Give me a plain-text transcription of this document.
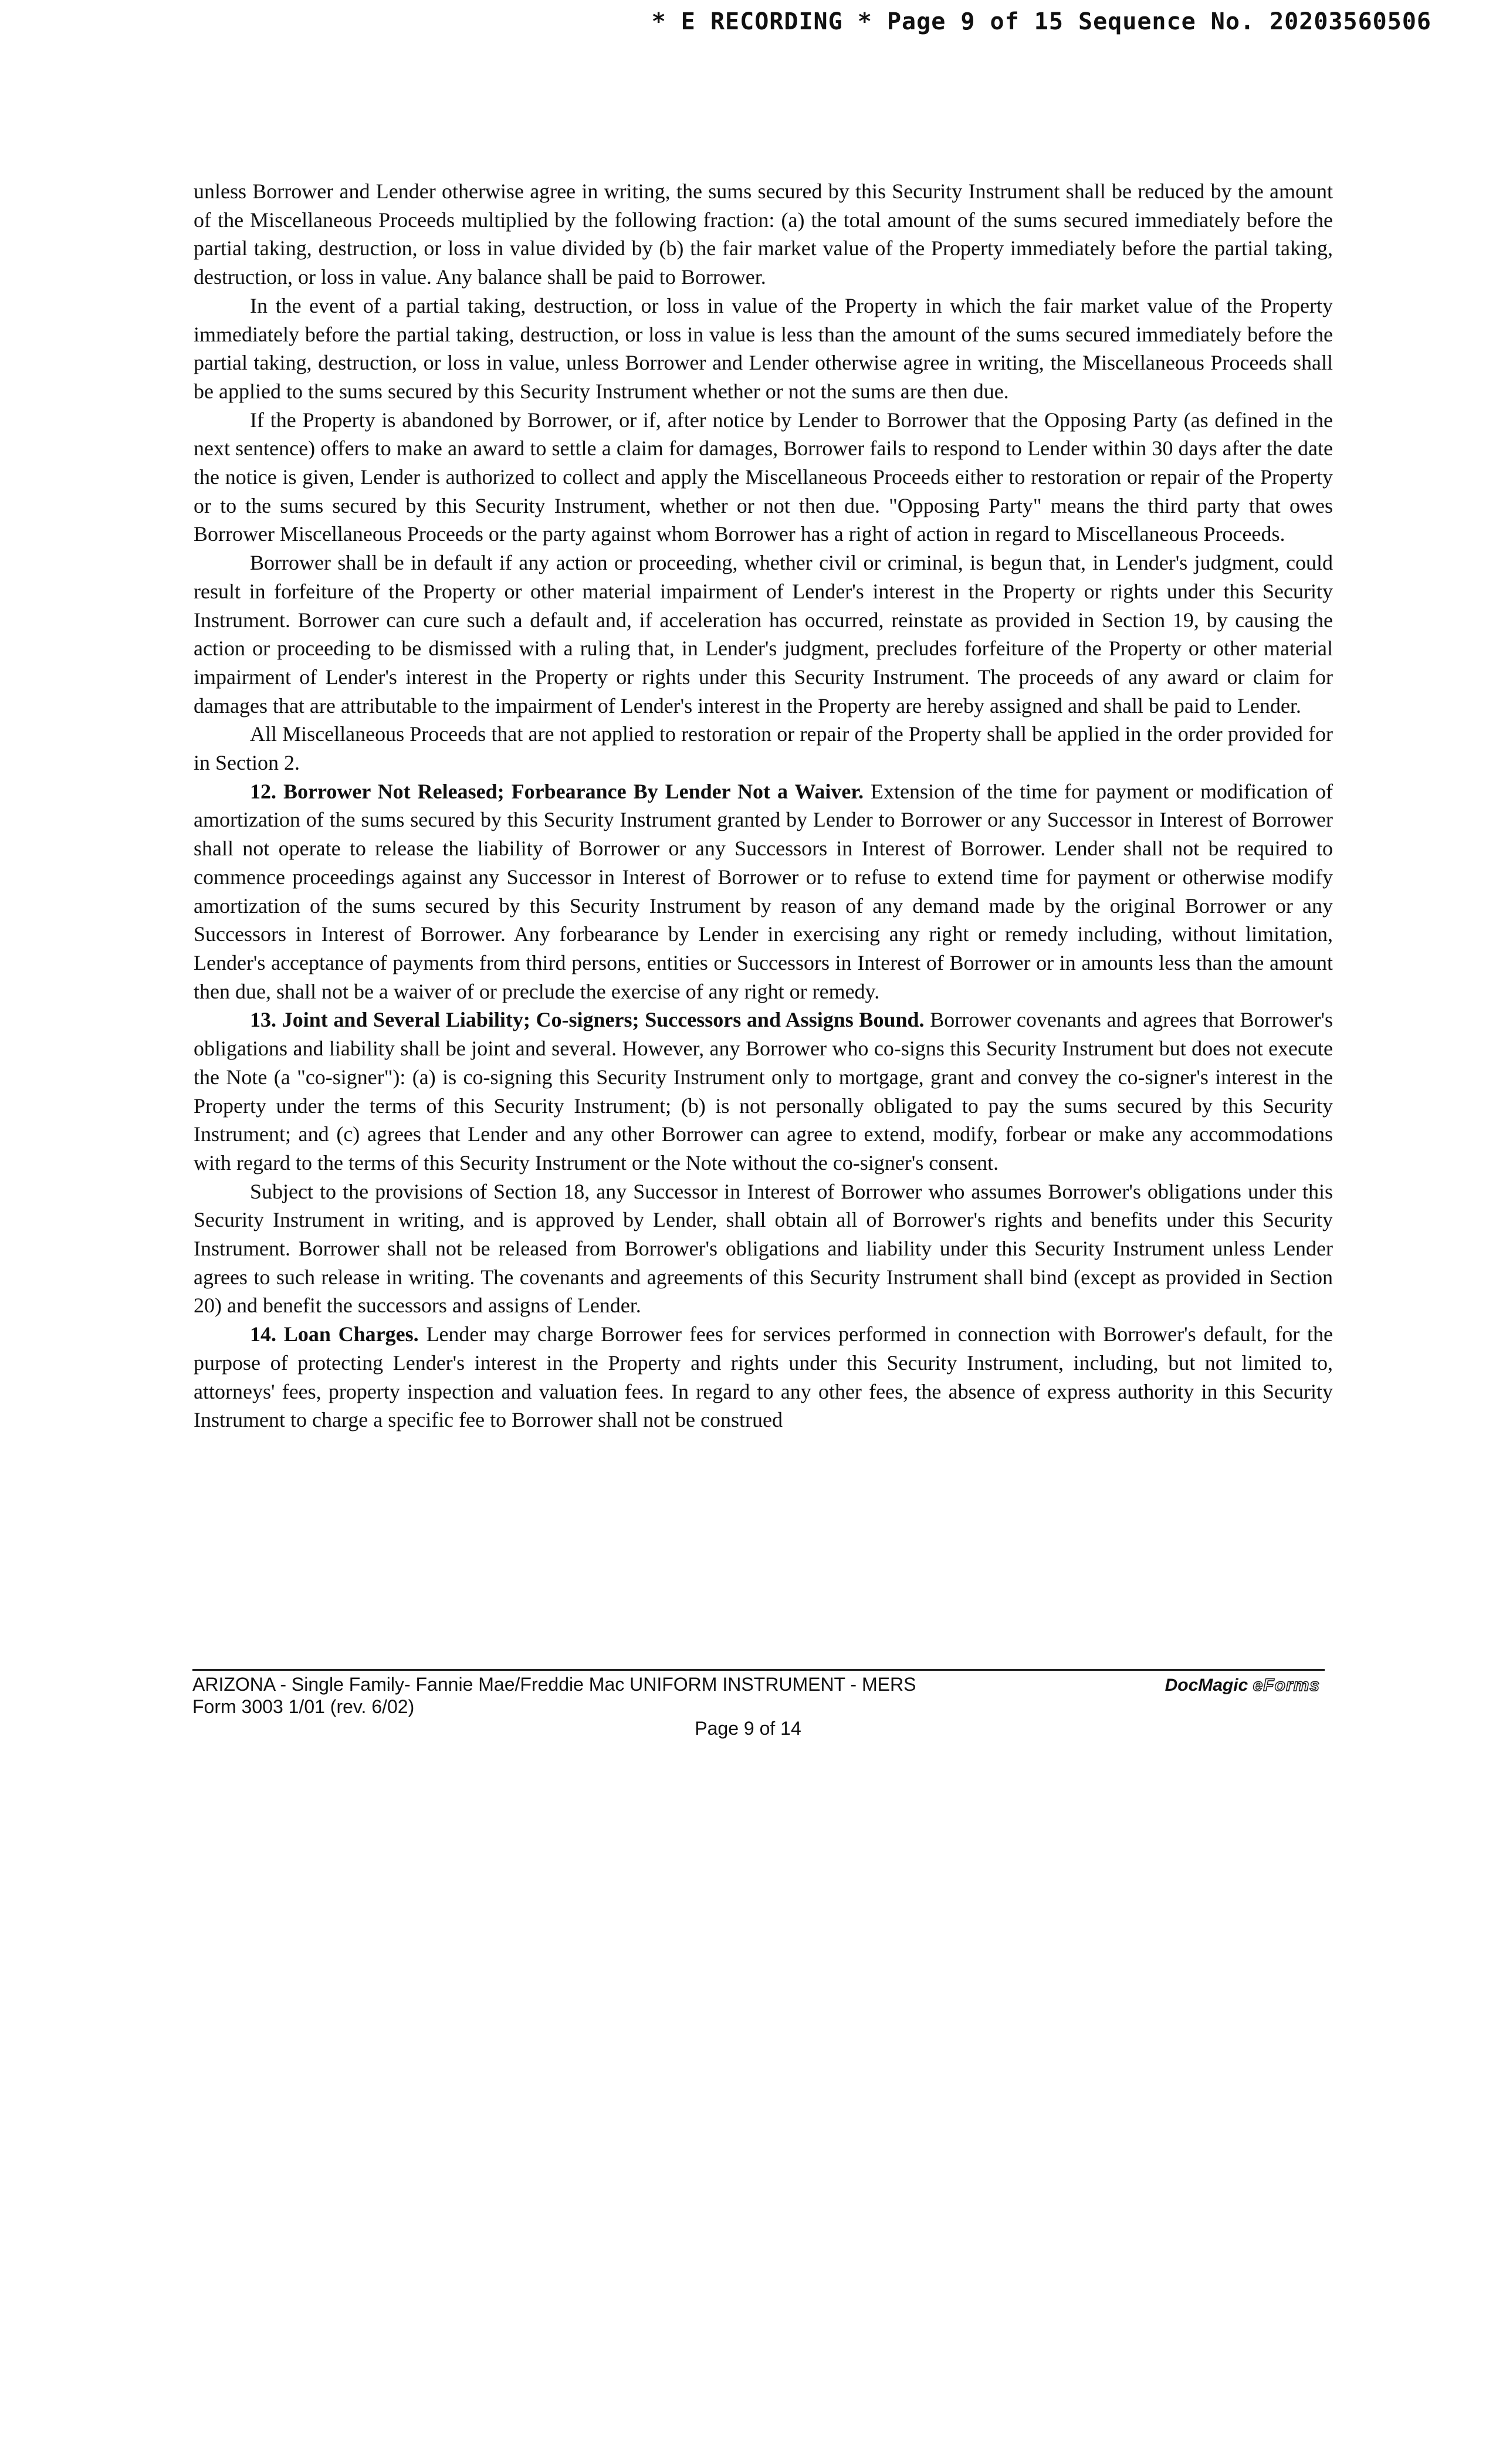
* E RECORDING * Page 9 of 15 Sequence No. 20203560506

unless Borrower and Lender otherwise agree in writing, the sums secured by this Security Instrument shall be reduced by the amount of the Miscellaneous Proceeds multiplied by the following fraction: (a) the total amount of the sums secured immediately before the partial taking, destruction, or loss in value divided by (b) the fair market value of the Property immediately before the partial taking, destruction, or loss in value. Any balance shall be paid to Borrower.

In the event of a partial taking, destruction, or loss in value of the Property in which the fair market value of the Property immediately before the partial taking, destruction, or loss in value is less than the amount of the sums secured immediately before the partial taking, destruction, or loss in value, unless Borrower and Lender otherwise agree in writing, the Miscellaneous Proceeds shall be applied to the sums secured by this Security Instrument whether or not the sums are then due.

If the Property is abandoned by Borrower, or if, after notice by Lender to Borrower that the Opposing Party (as defined in the next sentence) offers to make an award to settle a claim for damages, Borrower fails to respond to Lender within 30 days after the date the notice is given, Lender is authorized to collect and apply the Miscellaneous Proceeds either to restoration or repair of the Property or to the sums secured by this Security Instrument, whether or not then due. "Opposing Party" means the third party that owes Borrower Miscellaneous Proceeds or the party against whom Borrower has a right of action in regard to Miscellaneous Proceeds.

Borrower shall be in default if any action or proceeding, whether civil or criminal, is begun that, in Lender's judgment, could result in forfeiture of the Property or other material impairment of Lender's interest in the Property or rights under this Security Instrument. Borrower can cure such a default and, if acceleration has occurred, reinstate as provided in Section 19, by causing the action or proceeding to be dismissed with a ruling that, in Lender's judgment, precludes forfeiture of the Property or other material impairment of Lender's interest in the Property or rights under this Security Instrument. The proceeds of any award or claim for damages that are attributable to the impairment of Lender's interest in the Property are hereby assigned and shall be paid to Lender.

All Miscellaneous Proceeds that are not applied to restoration or repair of the Property shall be applied in the order provided for in Section 2.

12. Borrower Not Released; Forbearance By Lender Not a Waiver. Extension of the time for payment or modification of amortization of the sums secured by this Security Instrument granted by Lender to Borrower or any Successor in Interest of Borrower shall not operate to release the liability of Borrower or any Successors in Interest of Borrower. Lender shall not be required to commence proceedings against any Successor in Interest of Borrower or to refuse to extend time for payment or otherwise modify amortization of the sums secured by this Security Instrument by reason of any demand made by the original Borrower or any Successors in Interest of Borrower. Any forbearance by Lender in exercising any right or remedy including, without limitation, Lender's acceptance of payments from third persons, entities or Successors in Interest of Borrower or in amounts less than the amount then due, shall not be a waiver of or preclude the exercise of any right or remedy.

13. Joint and Several Liability; Co-signers; Successors and Assigns Bound. Borrower covenants and agrees that Borrower's obligations and liability shall be joint and several. However, any Borrower who co-signs this Security Instrument but does not execute the Note (a "co-signer"): (a) is co-signing this Security Instrument only to mortgage, grant and convey the co-signer's interest in the Property under the terms of this Security Instrument; (b) is not personally obligated to pay the sums secured by this Security Instrument; and (c) agrees that Lender and any other Borrower can agree to extend, modify, forbear or make any accommodations with regard to the terms of this Security Instrument or the Note without the co-signer's consent.

Subject to the provisions of Section 18, any Successor in Interest of Borrower who assumes Borrower's obligations under this Security Instrument in writing, and is approved by Lender, shall obtain all of Borrower's rights and benefits under this Security Instrument. Borrower shall not be released from Borrower's obligations and liability under this Security Instrument unless Lender agrees to such release in writing. The covenants and agreements of this Security Instrument shall bind (except as provided in Section 20) and benefit the successors and assigns of Lender.

14. Loan Charges. Lender may charge Borrower fees for services performed in connection with Borrower's default, for the purpose of protecting Lender's interest in the Property and rights under this Security Instrument, including, but not limited to, attorneys' fees, property inspection and valuation fees. In regard to any other fees, the absence of express authority in this Security Instrument to charge a specific fee to Borrower shall not be construed

ARIZONA - Single Family- Fannie Mae/Freddie Mac UNIFORM INSTRUMENT - MERS
Form 3003 1/01 (rev. 6/02)
DocMagic eForms
Page 9 of 14
